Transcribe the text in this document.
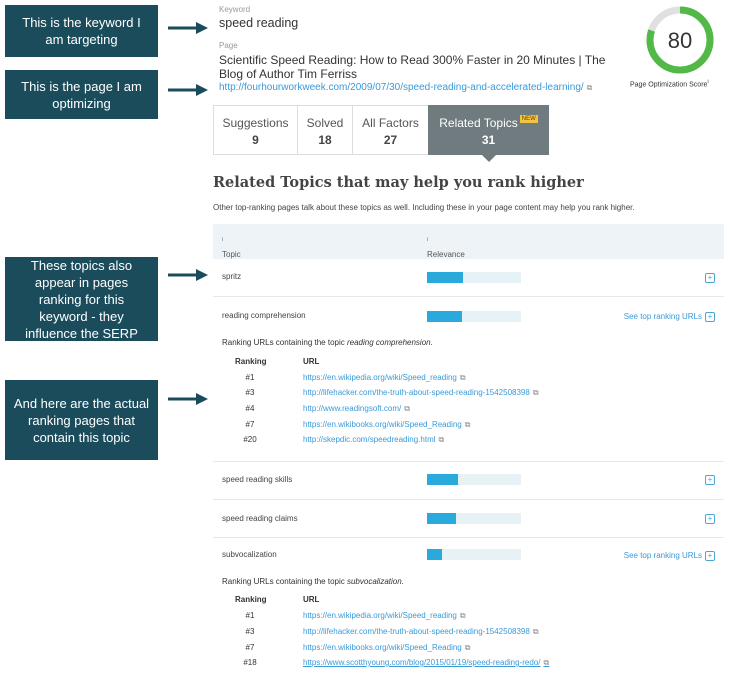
This is the keyword I am targeting
This is the page I am optimizing
These topics also appear in pages ranking for this keyword - they influence the SERP
And here are the actual ranking pages that contain this topic
Keyword
speed reading
Page
Scientific Speed Reading: How to Read 300% Faster in 20 Minutes | The Blog of Author Tim Ferriss
http://fourhourworkweek.com/2009/07/30/speed-reading-and-accelerated-learning/ ⧉
80
Page Optimization Score$^i$
Suggestions
9
Solved
18
All Factors
27
Related Topics $^{NEW}$
31
Related Topics that may help you rank higher
Other top-ranking pages talk about these topics as well. Including these in your page content may help you rank higher.
Topic
$^i$
Relevance
$^i$
spritz	+
reading comprehension	See top ranking URLs +
Ranking URLs containing the topic reading comprehension.
Ranking	URL
#1	https://en.wikipedia.org/wiki/Speed_reading ⧉
#3	http://lifehacker.com/the-truth-about-speed-reading-1542508398 ⧉
#4	http://www.readingsoft.com/ ⧉
#7	https://en.wikibooks.org/wiki/Speed_Reading ⧉
#20	http://skepdic.com/speedreading.html ⧉
speed reading skills	+
speed reading claims	+
subvocalization	See top ranking URLs +
Ranking URLs containing the topic subvocalization.
Ranking	URL
#1	https://en.wikipedia.org/wiki/Speed_reading ⧉
#3	http://lifehacker.com/the-truth-about-speed-reading-1542508398 ⧉
#7	https://en.wikibooks.org/wiki/Speed_Reading ⧉
#18	https://www.scotthyoung.com/blog/2015/01/19/speed-reading-redo/ ⧉
